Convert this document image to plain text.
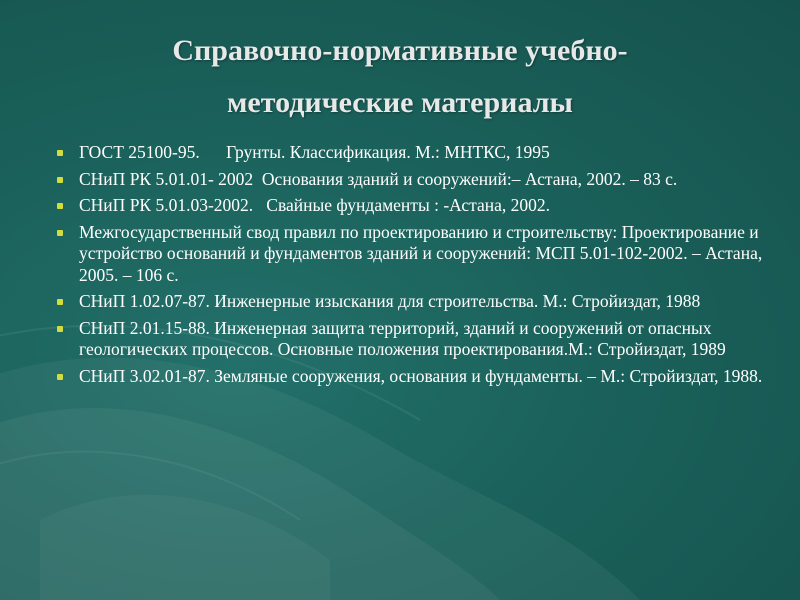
Справочно-нормативные учебно-
методические материалы
ГОСТ 25100-95.      Грунты. Классификация. М.: МНТКС, 1995
СНиП РК 5.01.01- 2002  Основания зданий и сооружений:– Астана, 2002. – 83 с.
СНиП РК 5.01.03-2002.   Свайные фундаменты : -Астана, 2002.
Межгосударственный свод правил по проектированию и строительству: Проектирование и устройство оснований и фундаментов зданий и сооружений: МСП 5.01-102-2002. – Астана, 2005. – 106 с.
СНиП 1.02.07-87. Инженерные изыскания для строительства. М.: Стройиздат, 1988
СНиП 2.01.15-88. Инженерная защита территорий, зданий и сооружений от опасных геологических процессов. Основные положения проектирования.М.: Стройиздат, 1989
СНиП 3.02.01-87. Земляные сооружения, основания и фундаменты. – М.: Стройиздат, 1988.
